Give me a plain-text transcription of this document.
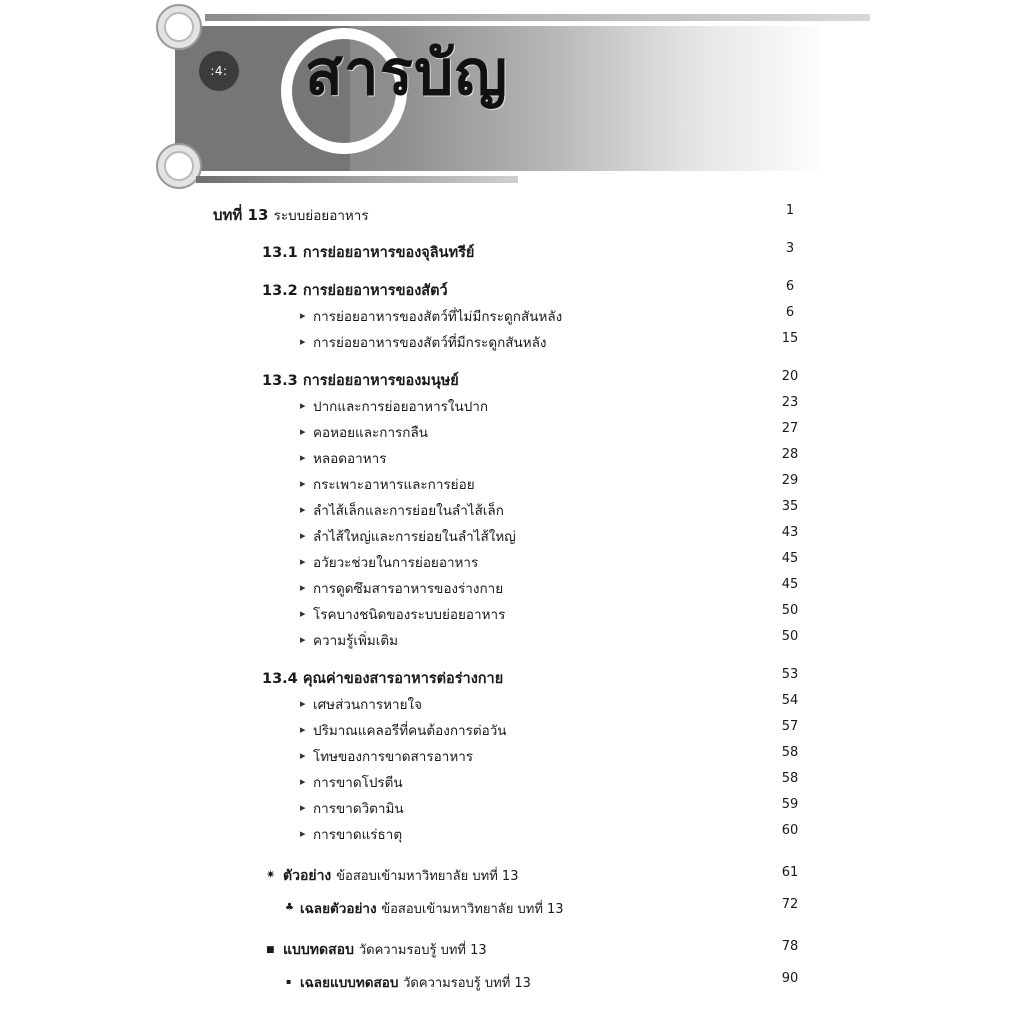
:4: สารบัญ
บทที่ 13 ระบบย่อยอาหาร	1
13.1 การย่อยอาหารของจุลินทรีย์	3
13.2 การย่อยอาหารของสัตว์	6
▸ การย่อยอาหารของสัตว์ที่ไม่มีกระดูกสันหลัง	6
▸ การย่อยอาหารของสัตว์ที่มีกระดูกสันหลัง	15
13.3 การย่อยอาหารของมนุษย์	20
▸ ปากและการย่อยอาหารในปาก	23
▸ คอหอยและการกลืน	27
▸ หลอดอาหาร	28
▸ กระเพาะอาหารและการย่อย	29
▸ ลำไส้เล็กและการย่อยในลำไส้เล็ก	35
▸ ลำไส้ใหญ่และการย่อยในลำไส้ใหญ่	43
▸ อวัยวะช่วยในการย่อยอาหาร	45
▸ การดูดซึมสารอาหารของร่างกาย	45
▸ โรคบางชนิดของระบบย่อยอาหาร	50
▸ ความรู้เพิ่มเติม	50
13.4 คุณค่าของสารอาหารต่อร่างกาย	53
▸ เศษส่วนการหายใจ	54
▸ ปริมาณแคลอรีที่คนต้องการต่อวัน	57
▸ โทษของการขาดสารอาหาร	58
▸ การขาดโปรตีน	58
▸ การขาดวิตามิน	59
▸ การขาดแร่ธาตุ	60
✷ ตัวอย่าง ข้อสอบเข้ามหาวิทยาลัย บทที่ 13	61
♣ เฉลยตัวอย่าง ข้อสอบเข้ามหาวิทยาลัย บทที่ 13	72
■ แบบทดสอบ วัดความรอบรู้ บทที่ 13	78
▪ เฉลยแบบทดสอบ วัดความรอบรู้ บทที่ 13	90
